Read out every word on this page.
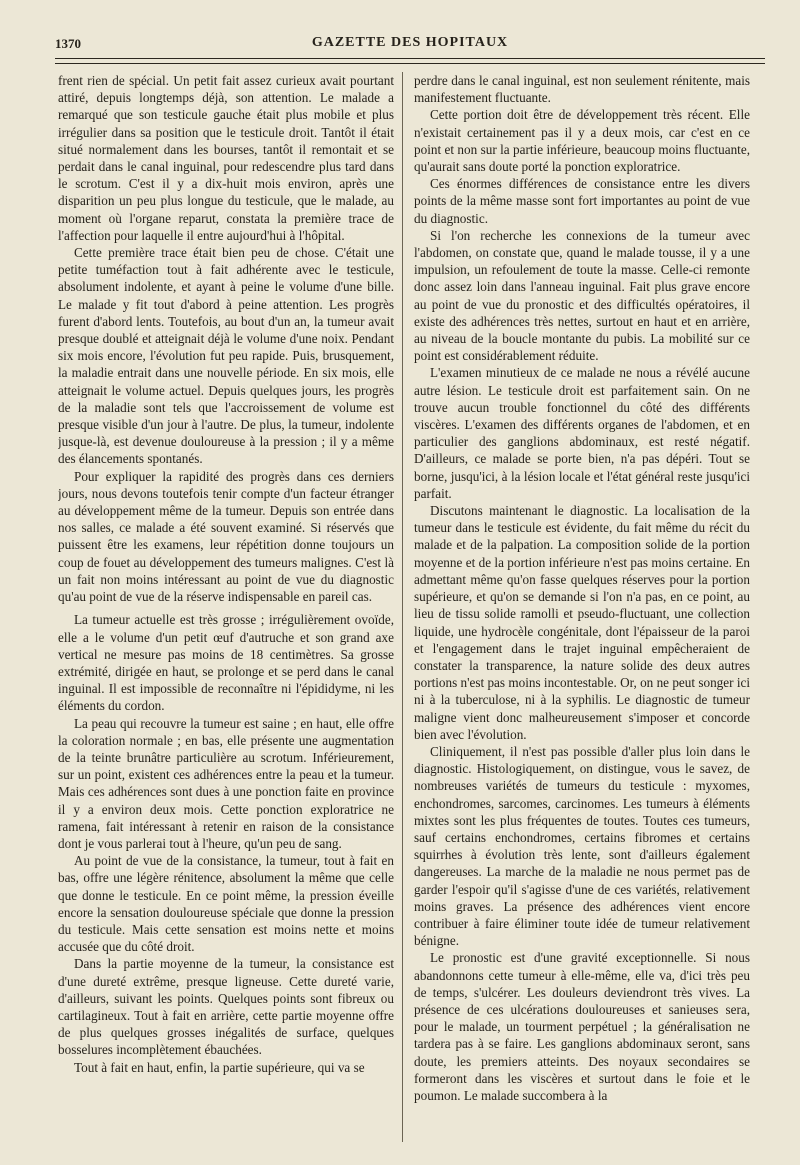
1370	GAZETTE DES HOPITAUX

frent rien de spécial. Un petit fait assez curieux avait pourtant attiré, depuis longtemps déjà, son attention. Le malade a remarqué que son testicule gauche était plus mobile et plus irrégulier dans sa position que le testicule droit. Tantôt il était situé normalement dans les bourses, tantôt il remontait et se perdait dans le canal inguinal, pour redescendre plus tard dans le scrotum. C'est il y a dix-huit mois environ, après une disparition un peu plus longue du testicule, que le malade, au moment où l'organe reparut, constata la première trace de l'affection pour laquelle il entre aujourd'hui à l'hôpital.

Cette première trace était bien peu de chose. C'était une petite tuméfaction tout à fait adhérente avec le testicule, absolument indolente, et ayant à peine le volume d'une bille. Le malade y fit tout d'abord à peine attention. Les progrès furent d'abord lents. Toutefois, au bout d'un an, la tumeur avait presque doublé et atteignait déjà le volume d'une noix. Pendant six mois encore, l'évolution fut peu rapide. Puis, brusquement, la maladie entrait dans une nouvelle période. En six mois, elle atteignait le volume actuel. Depuis quelques jours, les progrès de la maladie sont tels que l'accroissement de volume est presque visible d'un jour à l'autre. De plus, la tumeur, indolente jusque-là, est devenue douloureuse à la pression ; il y a même des élancements spontanés.

Pour expliquer la rapidité des progrès dans ces derniers jours, nous devons toutefois tenir compte d'un facteur étranger au développement même de la tumeur. Depuis son entrée dans nos salles, ce malade a été souvent examiné. Si réservés que puissent être les examens, leur répétition donne toujours un coup de fouet au développement des tumeurs malignes. C'est là un fait non moins intéressant au point de vue du diagnostic qu'au point de vue de la réserve indispensable en pareil cas.

La tumeur actuelle est très grosse ; irrégulièrement ovoïde, elle a le volume d'un petit œuf d'autruche et son grand axe vertical ne mesure pas moins de 18 centimètres. Sa grosse extrémité, dirigée en haut, se prolonge et se perd dans le canal inguinal. Il est impossible de reconnaître ni l'épididyme, ni les éléments du cordon.

La peau qui recouvre la tumeur est saine ; en haut, elle offre la coloration normale ; en bas, elle présente une augmentation de la teinte brunâtre particulière au scrotum. Inférieurement, sur un point, existent ces adhérences entre la peau et la tumeur. Mais ces adhérences sont dues à une ponction faite en province il y a environ deux mois. Cette ponction exploratrice ne ramena, fait intéressant à retenir en raison de la consistance dont je vous parlerai tout à l'heure, qu'un peu de sang.

Au point de vue de la consistance, la tumeur, tout à fait en bas, offre une légère rénitence, absolument la même que celle que donne le testicule. En ce point même, la pression éveille encore la sensation douloureuse spéciale que donne la pression du testicule. Mais cette sensation est moins nette et moins accusée que du côté droit.

Dans la partie moyenne de la tumeur, la consistance est d'une dureté extrême, presque ligneuse. Cette dureté varie, d'ailleurs, suivant les points. Quelques points sont fibreux ou cartilagineux. Tout à fait en arrière, cette partie moyenne offre de plus quelques grosses inégalités de surface, quelques bosselures incomplètement ébauchées.

Tout à fait en haut, enfin, la partie supérieure, qui va se

perdre dans le canal inguinal, est non seulement rénitente, mais manifestement fluctuante.

Cette portion doit être de développement très récent. Elle n'existait certainement pas il y a deux mois, car c'est en ce point et non sur la partie inférieure, beaucoup moins fluctuante, qu'aurait sans doute porté la ponction exploratrice.

Ces énormes différences de consistance entre les divers points de la même masse sont fort importantes au point de vue du diagnostic.

Si l'on recherche les connexions de la tumeur avec l'abdomen, on constate que, quand le malade tousse, il y a une impulsion, un refoulement de toute la masse. Celle-ci remonte donc assez loin dans l'anneau inguinal. Fait plus grave encore au point de vue du pronostic et des difficultés opératoires, il existe des adhérences très nettes, surtout en haut et en arrière, au niveau de la boucle montante du pubis. La mobilité sur ce point est considérablement réduite.

L'examen minutieux de ce malade ne nous a révélé aucune autre lésion. Le testicule droit est parfaitement sain. On ne trouve aucun trouble fonctionnel du côté des différents viscères. L'examen des différents organes de l'abdomen, et en particulier des ganglions abdominaux, est resté négatif. D'ailleurs, ce malade se porte bien, n'a pas dépéri. Tout se borne, jusqu'ici, à la lésion locale et l'état général reste jusqu'ici parfait.

Discutons maintenant le diagnostic. La localisation de la tumeur dans le testicule est évidente, du fait même du récit du malade et de la palpation. La composition solide de la portion moyenne et de la portion inférieure n'est pas moins certaine. En admettant même qu'on fasse quelques réserves pour la portion supérieure, et qu'on se demande si l'on n'a pas, en ce point, au lieu de tissu solide ramolli et pseudo-fluctuant, une collection liquide, une hydrocèle congénitale, dont l'épaisseur de la paroi et l'engagement dans le trajet inguinal empêcheraient de constater la transparence, la nature solide des deux autres portions n'est pas moins incontestable. Or, on ne peut songer ici ni à la tuberculose, ni à la syphilis. Le diagnostic de tumeur maligne vient donc malheureusement s'imposer et concorde bien avec l'évolution.

Cliniquement, il n'est pas possible d'aller plus loin dans le diagnostic. Histologiquement, on distingue, vous le savez, de nombreuses variétés de tumeurs du testicule : myxomes, enchondromes, sarcomes, carcinomes. Les tumeurs à éléments mixtes sont les plus fréquentes de toutes. Toutes ces tumeurs, sauf certains enchondromes, certains fibromes et certains squirrhes à évolution très lente, sont d'ailleurs également dangereuses. La marche de la maladie ne nous permet pas de garder l'espoir qu'il s'agisse d'une de ces variétés, relativement moins graves. La présence des adhérences vient encore contribuer à faire éliminer toute idée de tumeur relativement bénigne.

Le pronostic est d'une gravité exceptionnelle. Si nous abandonnons cette tumeur à elle-même, elle va, d'ici très peu de temps, s'ulcérer. Les douleurs deviendront très vives. La présence de ces ulcérations douloureuses et sanieuses sera, pour le malade, un tourment perpétuel ; la généralisation ne tardera pas à se faire. Les ganglions abdominaux seront, sans doute, les premiers atteints. Des noyaux secondaires se formeront dans les viscères et surtout dans le foie et le poumon. Le malade succombera à la
